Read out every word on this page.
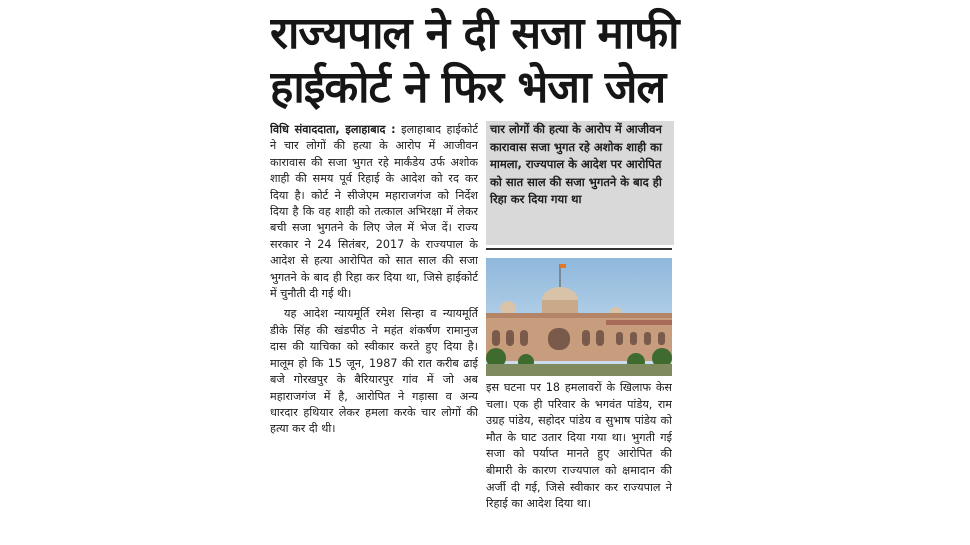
राज्यपाल ने दी सजा माफी
हाईकोर्ट ने फिर भेजा जेल

विधि संवाददाता, इलाहाबाद : इलाहाबाद हाईकोर्ट ने चार लोगों की हत्या के आरोप में आजीवन कारावास की सजा भुगत रहे मार्कंडेय उर्फ अशोक शाही की समय पूर्व रिहाई के आदेश को रद कर दिया है। कोर्ट ने सीजेएम महाराजगंज को निर्देश दिया है कि वह शाही को तत्काल अभिरक्षा में लेकर बची सजा भुगतने के लिए जेल में भेज दें। राज्य सरकार ने 24 सितंबर, 2017 के राज्यपाल के आदेश से हत्या आरोपित को सात साल की सजा भुगतने के बाद ही रिहा कर दिया था, जिसे हाईकोर्ट में चुनौती दी गई थी।

यह आदेश न्यायमूर्ति रमेश सिन्हा व न्यायमूर्ति डीके सिंह की खंडपीठ ने महंत शंकर्षण रामानुज दास की याचिका को स्वीकार करते हुए दिया है। मालूम हो कि 15 जून, 1987 की रात करीब ढाई बजे गोरखपुर के बैरियारपुर गांव में जो अब महाराजगंज में है, आरोपित ने गड़ासा व अन्य धारदार हथियार लेकर हमला करके चार लोगों की हत्या कर दी थी।

चार लोगों की हत्या के आरोप में आजीवन कारावास सजा भुगत रहे अशोक शाही का मामला, राज्यपाल के आदेश पर आरोपित को सात साल की सजा भुगतने के बाद ही रिहा कर दिया गया था

इस घटना पर 18 हमलावरों के खिलाफ केस चला। एक ही परिवार के भगवंत पांडेय, राम उग्रह पांडेय, सहोदर पांडेय व सुभाष पांडेय को मौत के घाट उतार दिया गया था। भुगती गई सजा को पर्याप्त मानते हुए आरोपित की बीमारी के कारण राज्यपाल को क्षमादान की अर्जी दी गई, जिसे स्वीकार कर राज्यपाल ने रिहाई का आदेश दिया था।
